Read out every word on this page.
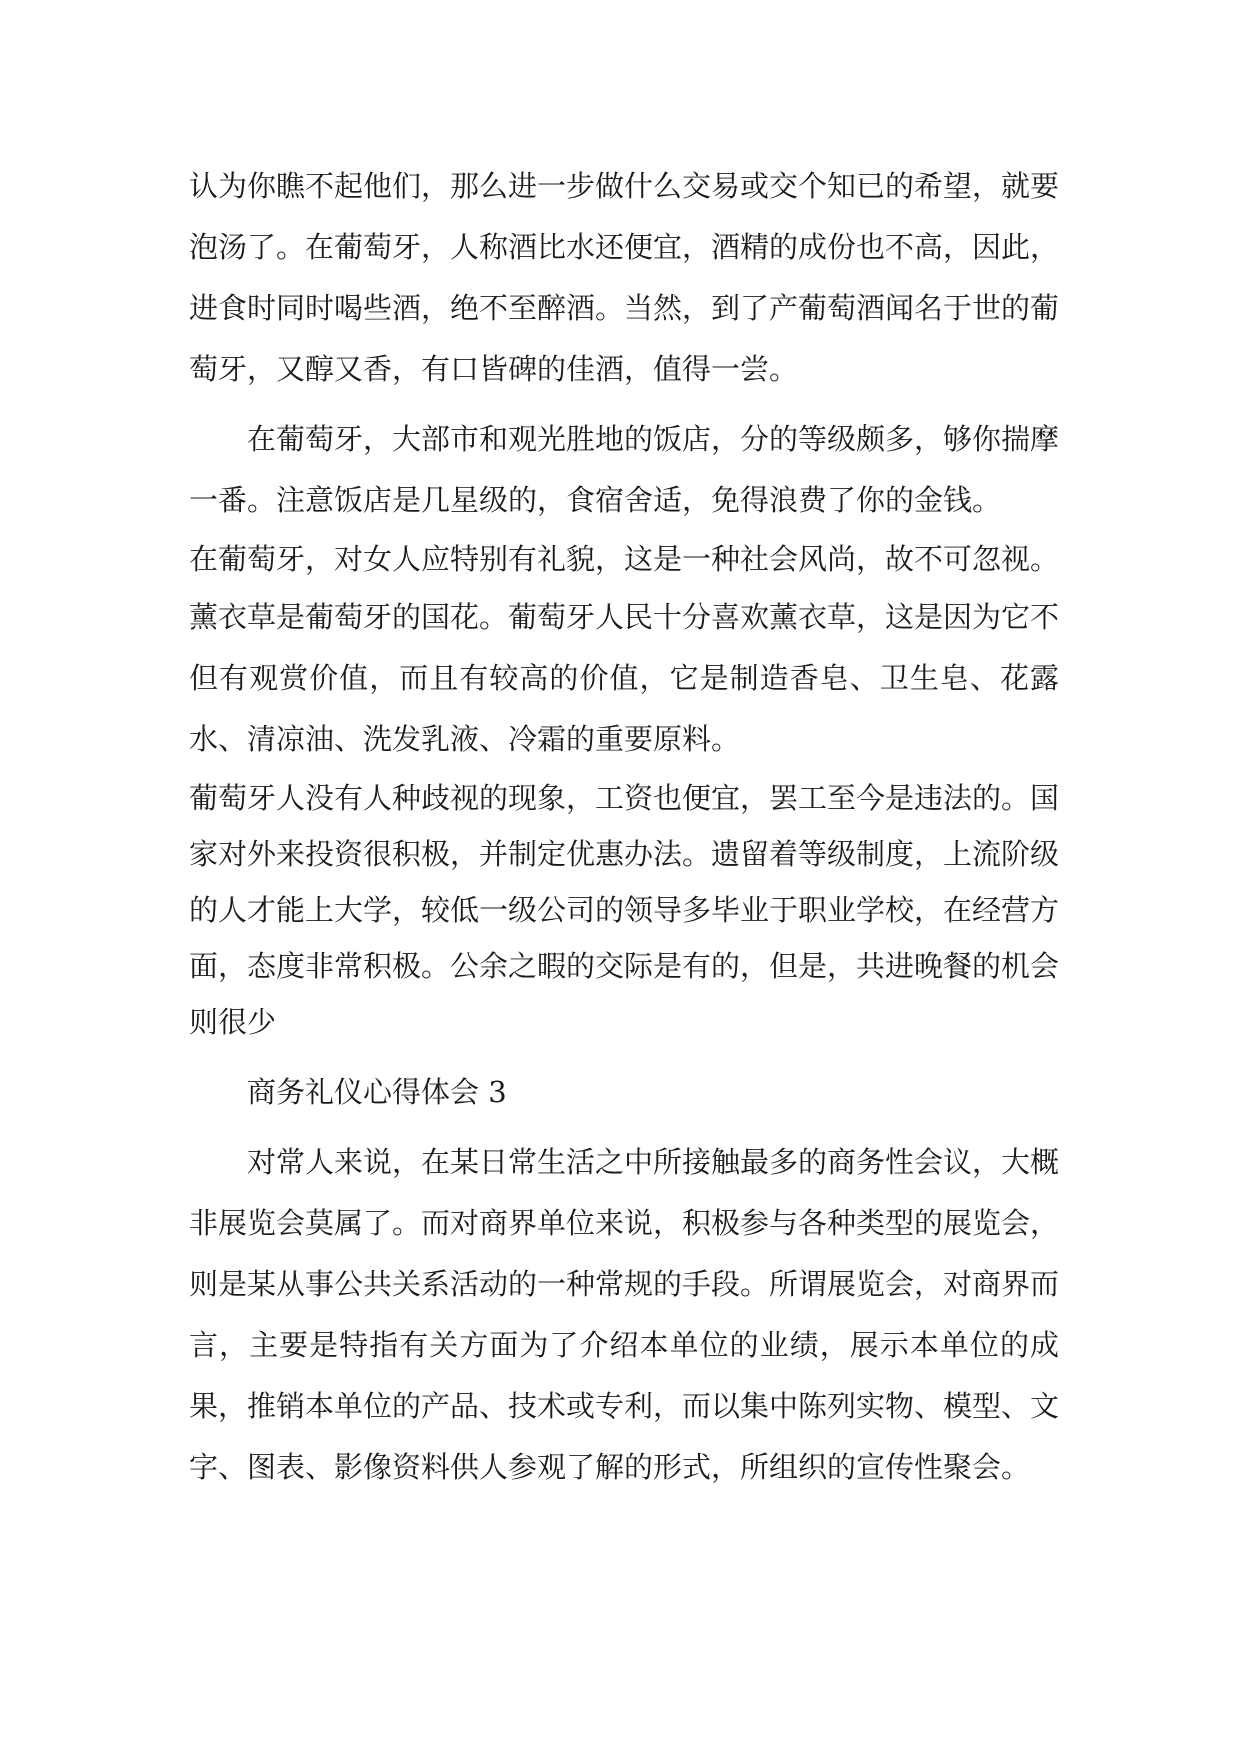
认为你瞧不起他们，那么进一步做什么交易或交个知已的希望，就要泡汤了。在葡萄牙，人称酒比水还便宜，酒精的成份也不高，因此，进食时同时喝些酒，绝不至醉酒。当然，到了产葡萄酒闻名于世的葡萄牙，又醇又香，有口皆碑的佳酒，值得一尝。

在葡萄牙，大部市和观光胜地的饭店，分的等级颇多，够你揣摩一番。注意饭店是几星级的，食宿舍适，免得浪费了你的金钱。

在葡萄牙，对女人应特别有礼貌，这是一种社会风尚，故不可忽视。

薰衣草是葡萄牙的国花。葡萄牙人民十分喜欢薰衣草，这是因为它不但有观赏价值，而且有较高的价值，它是制造香皂、卫生皂、花露水、清凉油、洗发乳液、冷霜的重要原料。

葡萄牙人没有人种歧视的现象，工资也便宜，罢工至今是违法的。国家对外来投资很积极，并制定优惠办法。遗留着等级制度，上流阶级的人才能上大学，较低一级公司的领导多毕业于职业学校，在经营方面，态度非常积极。公余之暇的交际是有的，但是，共进晚餐的机会则很少

商务礼仪心得体会 3

对常人来说，在某日常生活之中所接触最多的商务性会议，大概非展览会莫属了。而对商界单位来说，积极参与各种类型的展览会，则是某从事公共关系活动的一种常规的手段。所谓展览会，对商界而言，主要是特指有关方面为了介绍本单位的业绩，展示本单位的成果，推销本单位的产品、技术或专利，而以集中陈列实物、模型、文字、图表、影像资料供人参观了解的形式，所组织的宣传性聚会。
